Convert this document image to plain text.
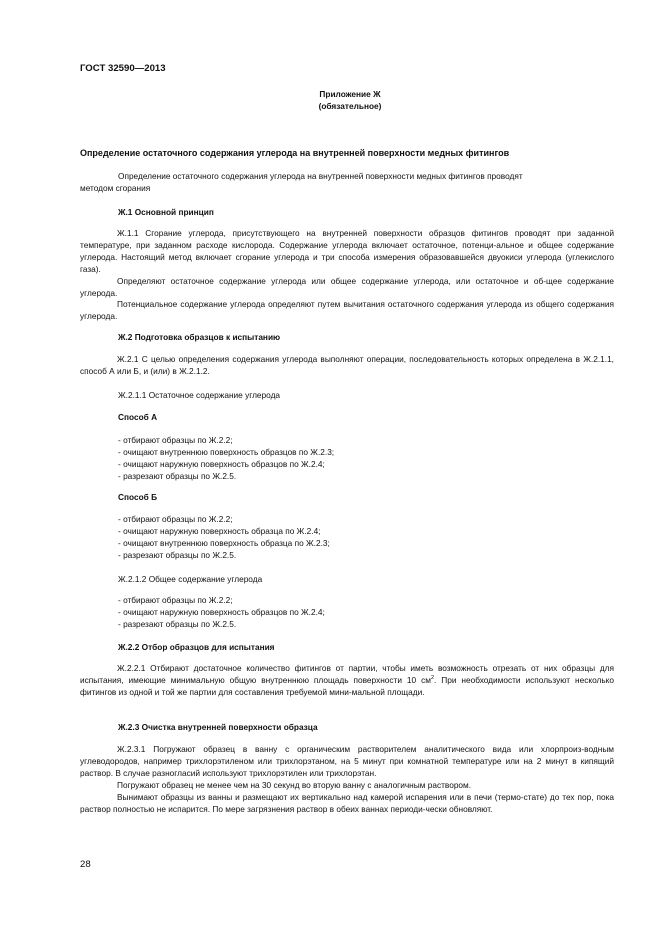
ГОСТ 32590—2013
Приложение Ж
(обязательное)
Определение остаточного содержания углерода на внутренней поверхности медных фитингов
Определение остаточного содержания углерода на внутренней поверхности медных фитингов проводят
методом сгорания
Ж.1 Основной принцип
Ж.1.1 Сгорание углерода, присутствующего на внутренней поверхности образцов фитингов проводят при заданной температуре, при заданном расходе кислорода. Содержание углерода включает остаточное, потенци-альное и общее содержание углерода. Настоящий метод включает сгорание углерода и три способа измерения образовавшейся двуокиси углерода (углекислого газа).
Определяют остаточное содержание углерода или общее содержание углерода, или остаточное и об-щее содержание углерода.
Потенциальное содержание углерода определяют путем вычитания остаточного содержания углерода из общего содержания углерода.
Ж.2 Подготовка образцов к испытанию
Ж.2.1 С целью определения содержания углерода выполняют операции, последовательность которых определена в Ж.2.1.1, способ А или Б, и (или) в Ж.2.1.2.
Ж.2.1.1 Остаточное содержание углерода
Способ А
- отбирают образцы по Ж.2.2;
- очищают внутреннюю поверхность образцов по Ж.2.3;
- очищают наружную поверхность образцов по Ж.2.4;
- разрезают образцы по Ж.2.5.
Способ Б
- отбирают образцы по Ж.2.2;
- очищают наружную поверхность образца по Ж.2.4;
- очищают внутреннюю поверхность образца по Ж.2.3;
- разрезают образцы по Ж.2.5.
Ж.2.1.2 Общее содержание углерода
- отбирают образцы по Ж.2.2;
- очищают наружную поверхность образцов по Ж.2.4;
- разрезают образцы по Ж.2.5.
Ж.2.2 Отбор образцов для испытания
Ж.2.2.1 Отбирают достаточное количество фитингов от партии, чтобы иметь возможность отрезать от них образцы для испытания, имеющие минимальную общую внутреннюю площадь поверхности 10 $см^2$. При необходимости используют несколько фитингов из одной и той же партии для составления требуемой мини-мальной площади.
Ж.2.3 Очистка внутренней поверхности образца
Ж.2.3.1 Погружают образец в ванну с органическим растворителем аналитического вида или хлорпроиз-водным углеводородов, например трихлорэтиленом или трихлорэтаном, на 5 минут при комнатной температуре или на 2 минут в кипящий раствор. В случае разногласий используют трихлорэтилен или трихлорэтан.
Погружают образец не менее чем на 30 секунд во вторую ванну с аналогичным раствором.
Вынимают образцы из ванны и размещают их вертикально над камерой испарения или в печи (термо-стате) до тех пор, пока раствор полностью не испарится. По мере загрязнения раствор в обеих ваннах периоди-чески обновляют.
28
